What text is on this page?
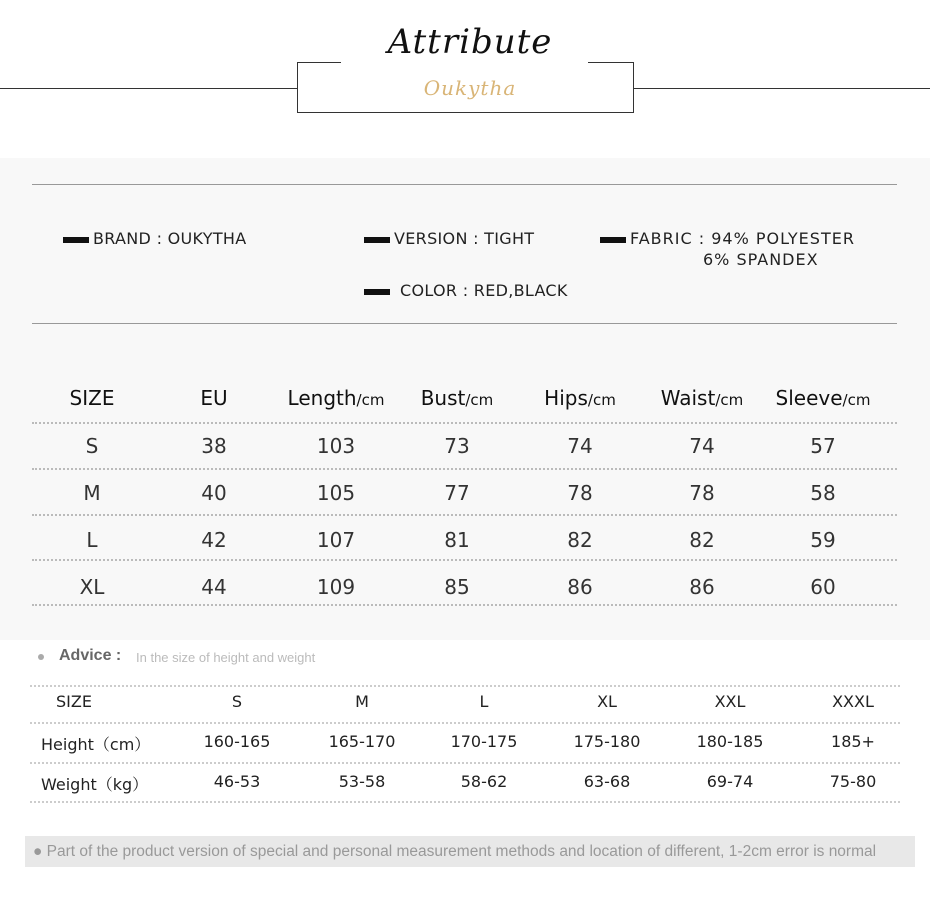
Attribute
Oukytha
BRAND : OUKYTHA	VERSION : TIGHT	FABRIC : 94% POLYESTER
6% SPANDEX
COLOR : RED,BLACK
SIZE	EU	Length/cm	Bust/cm	Hips/cm	Waist/cm	Sleeve/cm
S	38	103	73	74	74	57
M	40	105	77	78	78	58
L	42	107	81	82	82	59
XL	44	109	85	86	86	60
Advice : In the size of height and weight
SIZE	S	M	L	XL	XXL	XXXL
Height（cm）	160-165	165-170	170-175	175-180	180-185	185+
Weight（kg）	46-53	53-58	58-62	63-68	69-74	75-80
● Part of the product version of special and personal measurement methods and location of different, 1-2cm error is normal
